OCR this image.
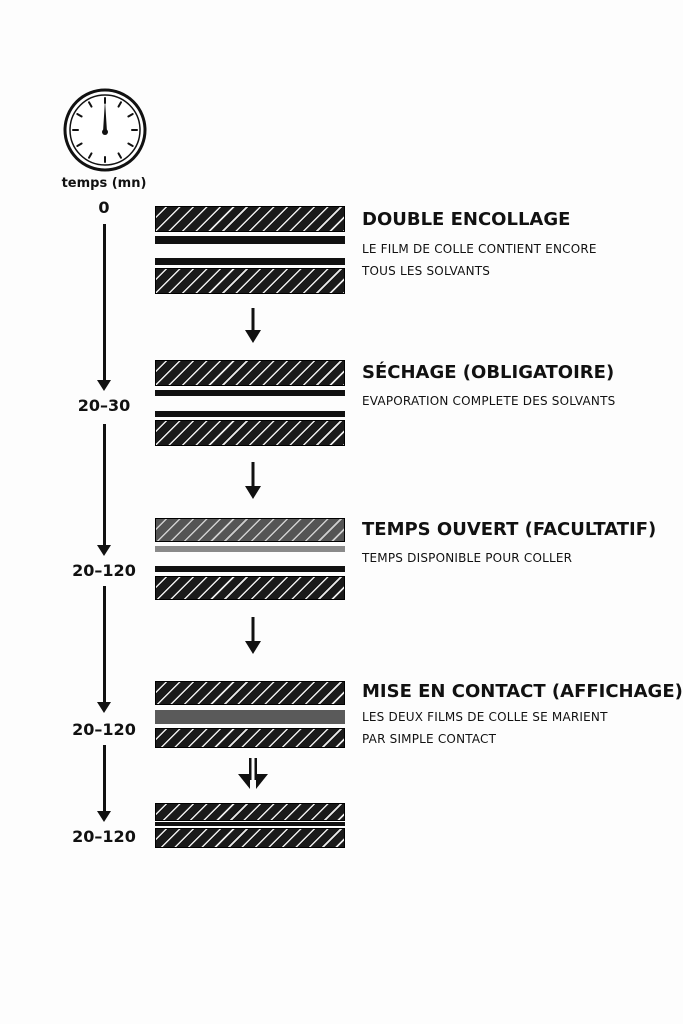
temps (mn)
0
20–30
20–120
20–120
20–120
DOUBLE ENCOLLAGE
LE FILM DE COLLE CONTIENT ENCORE
TOUS LES SOLVANTS
SÉCHAGE (OBLIGATOIRE)
EVAPORATION COMPLETE DES SOLVANTS
TEMPS OUVERT (FACULTATIF)
TEMPS DISPONIBLE POUR COLLER
MISE EN CONTACT (AFFICHAGE)
LES DEUX FILMS DE COLLE SE MARIENT
PAR SIMPLE CONTACT
